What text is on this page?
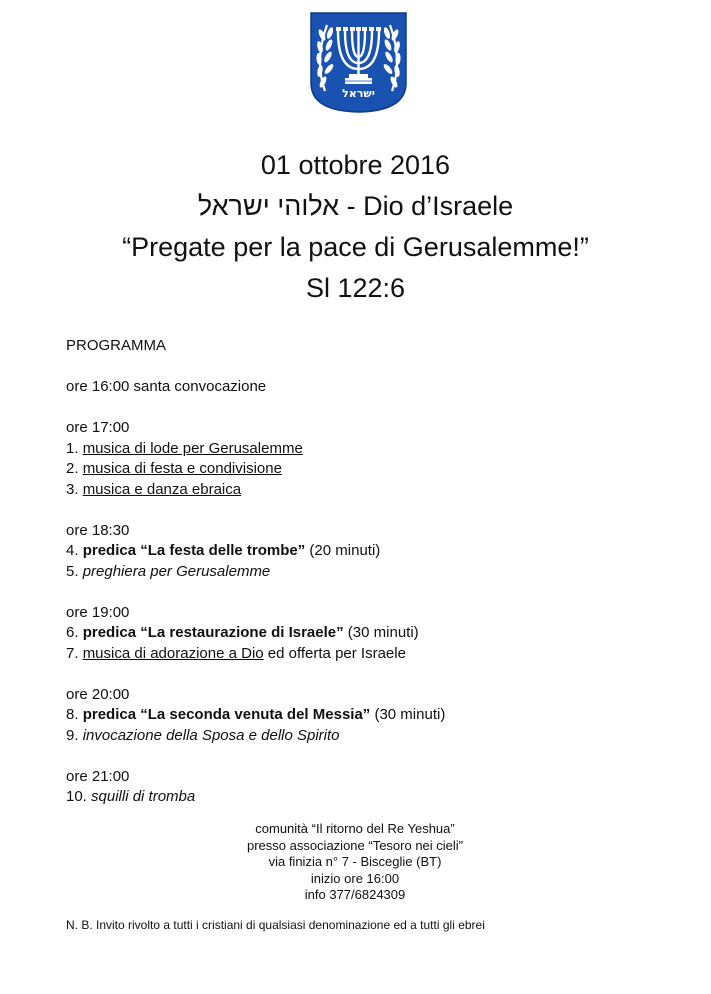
ישראל
01 ottobre 2016
אלוהי ישראל - Dio d’Israele
“Pregate per la pace di Gerusalemme!”
Sl 122:6
PROGRAMMA
ore 16:00 santa convocazione
ore 17:00
1. musica di lode per Gerusalemme
2. musica di festa e condivisione
3. musica e danza ebraica
ore 18:30
4. predica “La festa delle trombe” (20 minuti)
5. preghiera per Gerusalemme
ore 19:00
6. predica “La restaurazione di Israele” (30 minuti)
7. musica di adorazione a Dio ed offerta per Israele
ore 20:00
8. predica “La seconda venuta del Messia” (30 minuti)
9. invocazione della Sposa e dello Spirito
ore 21:00
10. squilli di tromba
comunità “Il ritorno del Re Yeshua”
presso associazione “Tesoro nei cieli”
via finizia n° 7 - Bisceglie (BT)
inizio ore 16:00
info 377/6824309
N. B. Invito rivolto a tutti i cristiani di qualsiasi denominazione ed a tutti gli ebrei
